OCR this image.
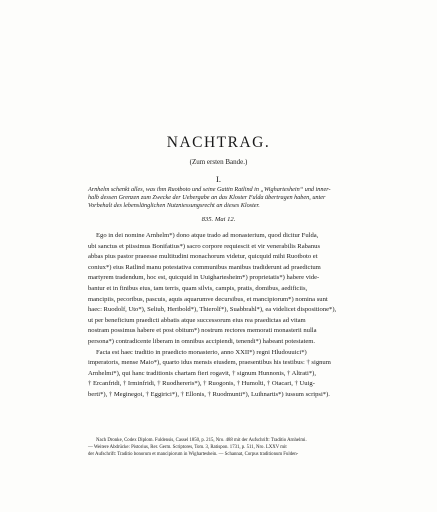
NACHTRAG.
(Zum ersten Bande.)
I.
Arnhelm schenkt alles, was ihm Ruotboto und seine Gattin Ratlind in „Wigharteshein“ und inner-
halb dessen Grenzen zum Zwecke der Uebergabe an das Kloster Fulda übertragen haben, unter
Vorbehalt des lebenslänglichen Nutzniessungsrecht an dieses Kloster.
835. Mai 12.
Ego in dei nomine Arnhelm*) dono atque trado ad monasterium, quod dicitur Fulda,
ubi sanctus et piissimus Bonifatius*) sacro corpore requiescit et vir venerabilis Rabanus
abbas pius pastor praeesse multitudini monachorum videtur, quicquid mihi Ruotboto et
coniux*) eius Ratlind manu potestativa communibus manibus tradiderunt ad praedictum
martyrem tradendum, hoc est, quicquid in Uuighartesheim*) proprietatis*) habere vide-
bantur et in finibus eius, tam terris, quam silvis, campis, pratis, domibus, aedificiis,
mancipiis, pecoribus, pascuis, aquis aquarumve decursibus, et mancipiorum*) nomina sunt
haec: Ruodolf, Uto*), Seliub, Heribold*), Thierolf*), Suabbrahl*), ea videlicet dispositione*),
ut per beneficium praedicti abbatis atque successorum eius rea praedictas ad vitam
nostram possimus habere et post obitum*) nostrum rectores memorati monasterii nulla
persona*) contradicente liberam in omnibus accipiendi, tenendi*) habeant potestatem.
Facta est haec traditio in praedicto monasterio, anno XXII*) regni Hludouuici*)
imperatoris, mense Maio*), quarto idus mensis eiusdem, praesentibus his testibus: † signum
Arnhelmi*), qui hanc traditionis chartam fieri rogavit, † signum Hunnonis, † Altrati*),
† Ercanfridi, † Irminfridi, † Ruodhereris*), † Ruogonis, † Humolti, † Otacari, † Uuig-
berti*), † Meginegoi, † Eggirici*), † Ellonis, † Ruodmunti*), Luihnartis*) iussum scripsi*).
Nach Dronke, Codex Diplom. Fuldensis, Cassel 1850, p. 215, Nro. 488 mit der Aufschrift: Traditio Arnhelmi.
— Weitere Abdrücke: Pistorius, Rer. Germ. Scriptores, Tom. 3, Ratispon. 1731, p. 511, Nro. LXXV mit
der Aufschrift: Traditio bonorum et mancipiorum in Wigharteshein. — Schannat, Corpus traditionum Fulden-
